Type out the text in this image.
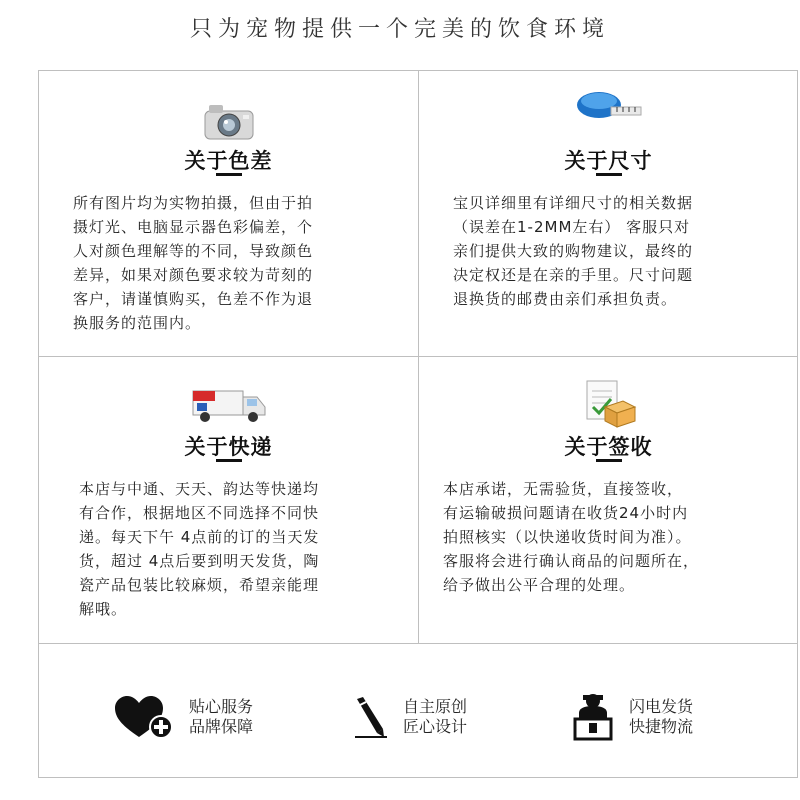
只为宠物提供一个完美的饮食环境
关于色差
所有图片均为实物拍摄，但由于拍
摄灯光、电脑显示器色彩偏差，个
人对颜色理解等的不同，导致颜色
差异，如果对颜色要求较为苛刻的
客户，请谨慎购买，色差不作为退
换服务的范围内。
关于尺寸
宝贝详细里有详细尺寸的相关数据
（误差在1-2MM左右） 客服只对
亲们提供大致的购物建议，最终的
决定权还是在亲的手里。尺寸问题
退换货的邮费由亲们承担负责。
关于快递
本店与中通、天天、韵达等快递均
有合作，根据地区不同选择不同快
递。每天下午 4点前的订的当天发
货，超过 4点后要到明天发货，陶
瓷产品包装比较麻烦，希望亲能理
解哦。
关于签收
本店承诺，无需验货，直接签收，
有运输破损问题请在收货24小时内
拍照核实（以快递收货时间为准）。
客服将会进行确认商品的问题所在，
给予做出公平合理的处理。
贴心服务
品牌保障
自主原创
匠心设计
闪电发货
快捷物流
